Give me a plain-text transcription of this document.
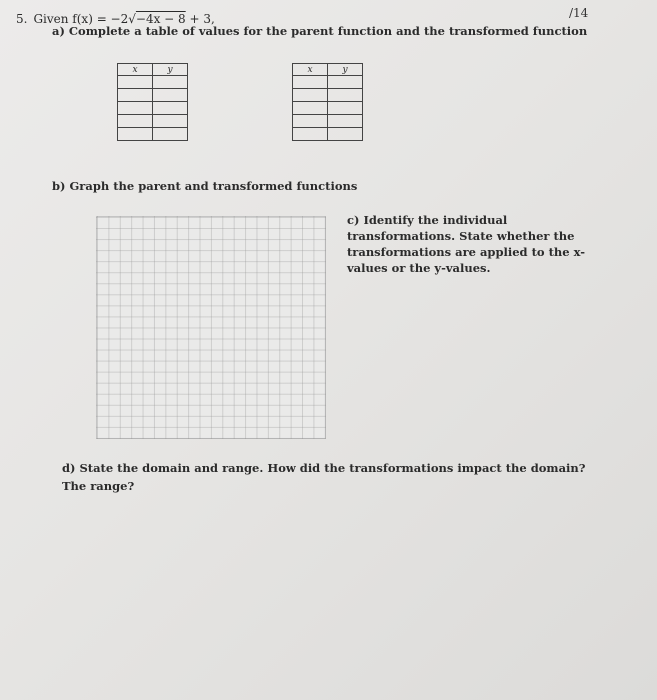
/14
5. Given f(x) = −2√−4x − 8 + 3,
a) Complete a table of values for the parent function and the transformed function
x	y

		x	y

b) Graph the parent and transformed functions
c) Identify the individual transformations. State whether the transformations are applied to the x-values or the y-values.
d) State the domain and range. How did the transformations impact the domain? The range?
